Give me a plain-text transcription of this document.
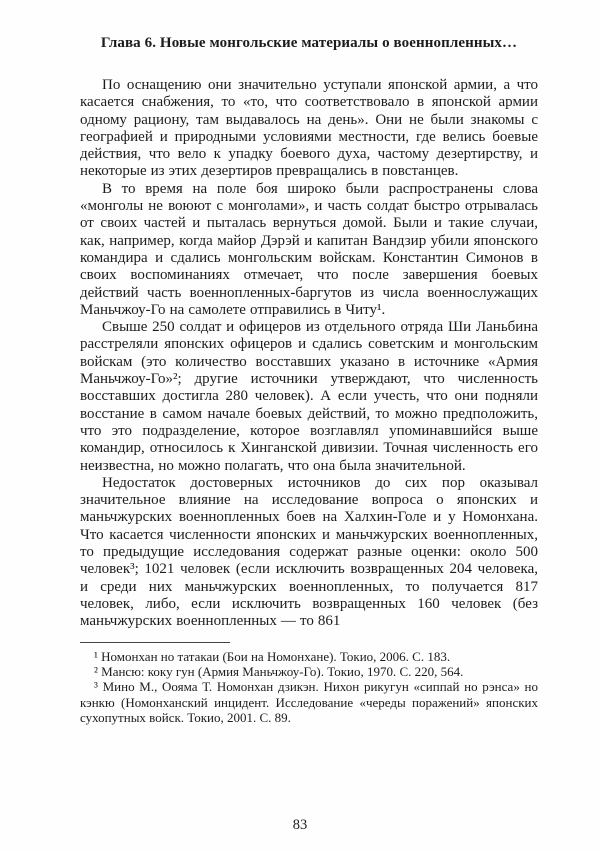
Глава 6. Новые монгольские материалы о военнопленных…

По оснащению они значительно уступали японской армии, а что касается снабжения, то «то, что соответствовало в японской армии одному рациону, там выдавалось на день». Они не были знакомы с географией и природными условиями местности, где велись боевые действия, что вело к упадку боевого духа, частому дезертирству, и некоторые из этих дезертиров превращались в повстанцев.

В то время на поле боя широко были распространены слова «монголы не воюют с монголами», и часть солдат быстро отрывалась от своих частей и пыталась вернуться домой. Были и такие случаи, как, например, когда майор Дэрэй и капитан Вандзир убили японского командира и сдались монгольским войскам. Константин Симонов в своих воспоминаниях отмечает, что после завершения боевых действий часть военнопленных-баргутов из числа военнослужащих Маньчжоу-Го на самолете отправились в Читу¹.

Свыше 250 солдат и офицеров из отдельного отряда Ши Ланьбина расстреляли японских офицеров и сдались советским и монгольским войскам (это количество восставших указано в источнике «Армия Маньчжоу-Го»²; другие источники утверждают, что численность восставших достигла 280 человек). А если учесть, что они подняли восстание в самом начале боевых действий, то можно предположить, что это подразделение, которое возглавлял упоминавшийся выше командир, относилось к Хинганской дивизии. Точная численность его неизвестна, но можно полагать, что она была значительной.

Недостаток достоверных источников до сих пор оказывал значительное влияние на исследование вопроса о японских и маньчжурских военнопленных боев на Халхин-Голе и у Номонхана. Что касается численности японских и маньчжурских военнопленных, то предыдущие исследования содержат разные оценки: около 500 человек³; 1021 человек (если исключить возвращенных 204 человека, и среди них маньчжурских военнопленных, то получается 817 человек, либо, если исключить возвращенных 160 человек (без маньчжурских военнопленных — то 861

¹ Номонхан но татакаи (Бои на Номонхане). Токио, 2006. С. 183.

² Мансю: коку гун (Армия Маньчжоу-Го). Токио, 1970. С. 220, 564.

³ Мино М., Оояма Т. Номонхан дзикэн. Нихон рикугун «сиппай но рэнса» но кэнкю (Номонханский инцидент. Исследование «череды поражений» японских сухопутных войск. Токио, 2001. С. 89.

83
